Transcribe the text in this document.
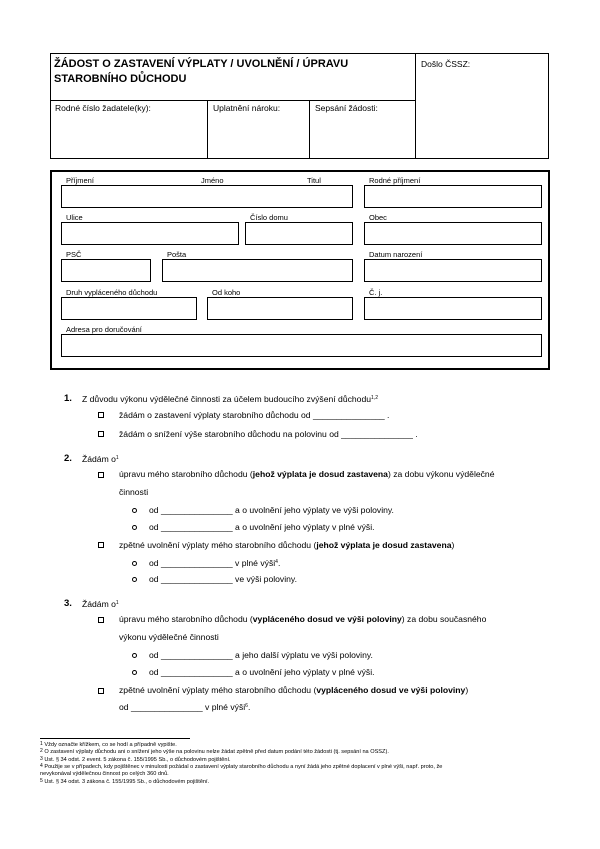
ŽÁDOST O ZASTAVENÍ VÝPLATY / UVOLNĚNÍ / ÚPRAVU
STAROBNÍHO DŮCHODU
Došlo ČSSZ:
Rodné číslo žadatele(ky):	Uplatnění nároku:	Sepsání žádosti:
Příjmení	Jméno	Titul	Rodné příjmení
Ulice	Číslo domu	Obec
PSČ	Pošta	Datum narození
Druh vypláceného důchodu	Od koho	Č. j.
Adresa pro doručování
1. Z důvodu výkonu výdělečné činnosti za účelem budoucího zvýšení důchodu$^{1,2}$
žádám o zastavení výplaty starobního důchodu od _______________ .
žádám o snížení výše starobního důchodu na polovinu od _______________ .
2. Žádám $o^1$
úpravu mého starobního důchodu (jehož výplata je dosud zastavena) za dobu výkonu výdělečné
činnosti
od _______________ a o uvolnění jeho výplaty ve výši poloviny.
od _______________ a o uvolnění jeho výplaty v plné výši.
zpětné uvolnění výplaty mého starobního důchodu (jehož výplata je dosud zastavena)
od _______________ v plné výši$^4$.
od _______________ ve výši poloviny.
3. Žádám $o^1$
úpravu mého starobního důchodu (vypláceného dosud ve výši poloviny) za dobu současného
výkonu výdělečné činnosti
od _______________ a jeho další výplatu ve výši poloviny.
od _______________ a o uvolnění jeho výplaty v plné výši.
zpětné uvolnění výplaty mého starobního důchodu (vypláceného dosud ve výši poloviny)
od _______________ v plné výši$^6$.
$^1$ Vždy označte křížkem, co se hodí a případně vypište.
$^2$ O zastavení výplaty důchodu ani o snížení jeho výše na polovinu nelze žádat zpětně před datum podání této žádosti (tj. sepsání na OSSZ).
$^3$ Ust. § 34 odst. 2 event. 5 zákona č. 155/1995 Sb., o důchodovém pojištění.
$^4$ Použije se v případech, kdy pojištěnec v minulosti požádal o zastavení výplaty starobního důchodu a nyní žádá jeho zpětné doplacení v plné výši, např. proto, že
nevykonával výdělečnou činnost po celých 360 dnů.
$^5$ Ust. § 34 odst. 3 zákona č. 155/1995 Sb., o důchodovém pojištění.
